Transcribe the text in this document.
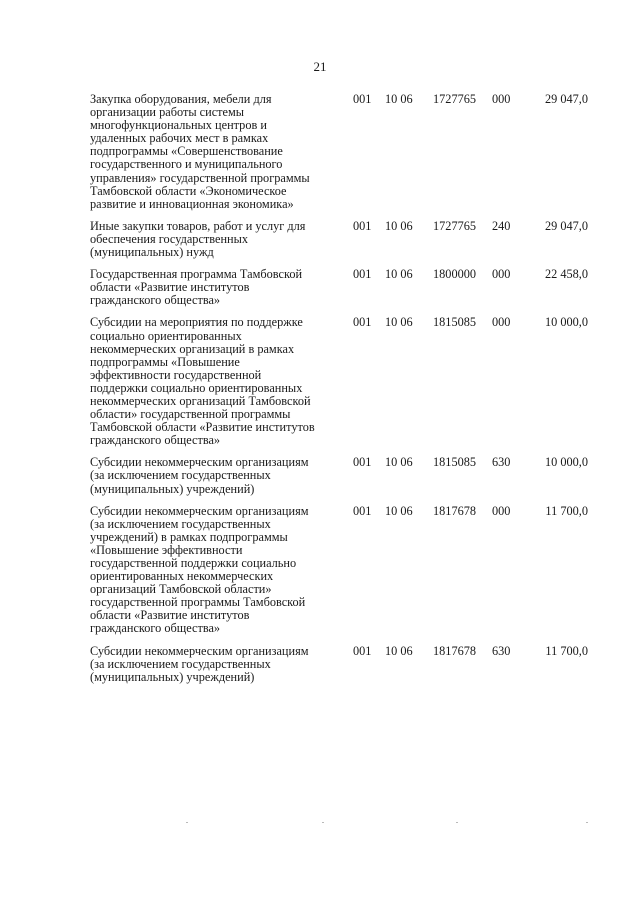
21
Закупка оборудования, мебели для
организации работы системы
многофункциональных центров и
удаленных рабочих мест в рамках
подпрограммы «Совершенствование
государственного и муниципального
управления» государственной программы
Тамбовской области «Экономическое
развитие и инновационная экономика»
001 10 06 1727765 000	29 047,0
Иные закупки товаров, работ и услуг для
обеспечения государственных
(муниципальных) нужд
001 10 06 1727765 240	29 047,0
Государственная программа Тамбовской
области «Развитие институтов
гражданского общества»
001 10 06 1800000 000	22 458,0
Субсидии на мероприятия по поддержке
социально ориентированных
некоммерческих организаций в рамках
подпрограммы «Повышение
эффективности государственной
поддержки социально ориентированных
некоммерческих организаций Тамбовской
области» государственной программы
Тамбовской области «Развитие институтов
гражданского общества»
001 10 06 1815085 000	10 000,0
Субсидии некоммерческим организациям
(за исключением государственных
(муниципальных) учреждений)
001 10 06 1815085 630	10 000,0
Субсидии некоммерческим организациям
(за исключением государственных
учреждений) в рамках подпрограммы
«Повышение эффективности
государственной поддержки социально
ориентированных некоммерческих
организаций Тамбовской области»
государственной программы Тамбовской
области «Развитие институтов
гражданского общества»
001 10 06 1817678 000	11 700,0
Субсидии некоммерческим организациям
(за исключением государственных
(муниципальных) учреждений)
001 10 06 1817678 630	11 700,0
